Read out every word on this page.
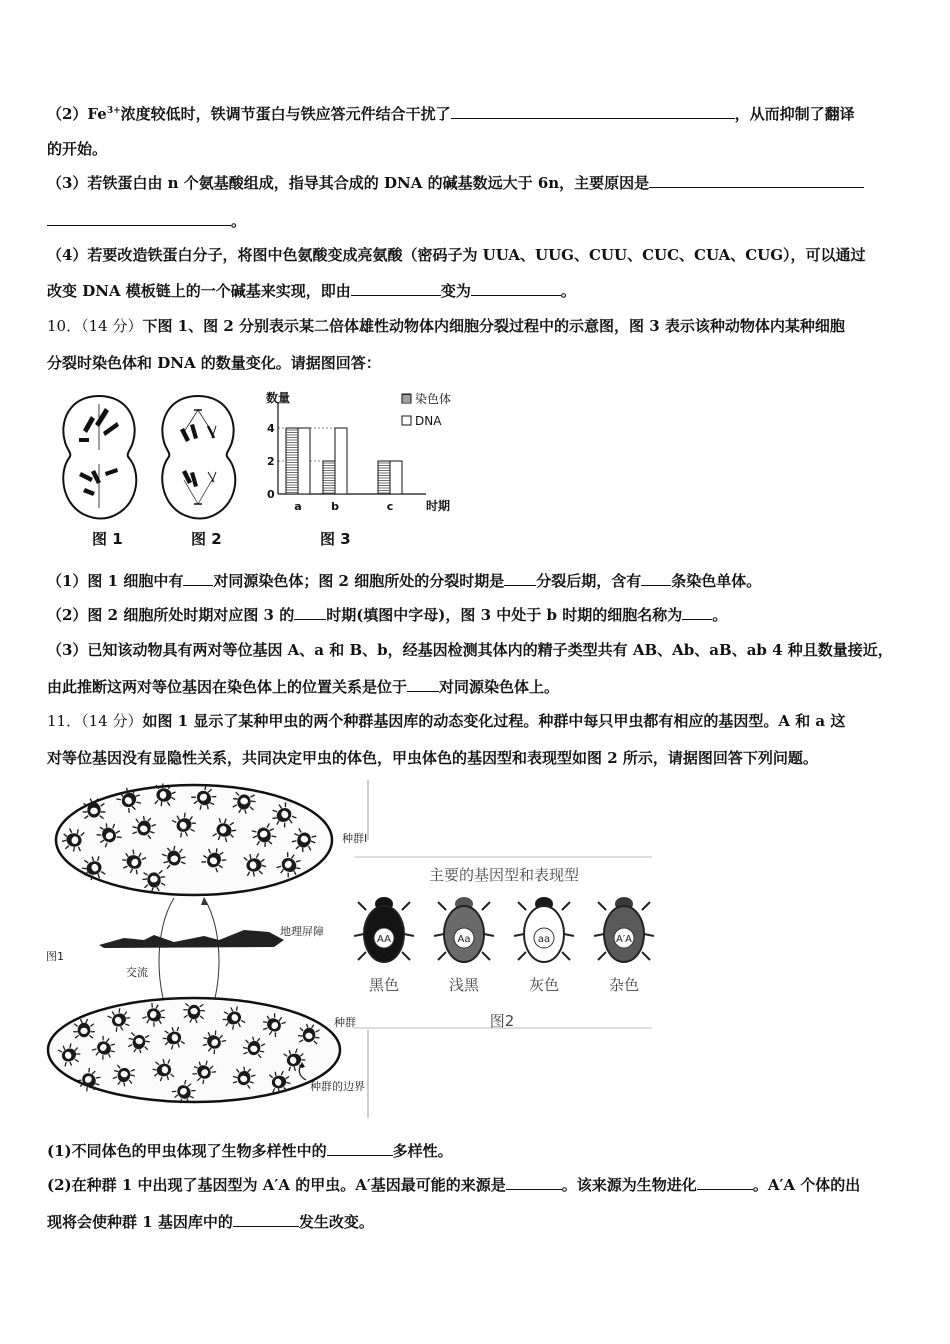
$(2)Fe^{3+}$浓度较低时，铁调节蛋白与铁应答元件结合干扰了	，从而抑制了翻译
的开始。
（3）若铁蛋白由 n 个氨基酸组成，指导其合成的 DNA 的碱基数远大于 6n，主要原因是
。
（4）若要改造铁蛋白分子，将图中色氨酸变成亮氨酸（密码子为 UUA、UUG、CUU、CUC、CUA、CUG），可以通过
改变 DNA 模板链上的一个碱基来实现，即由	变为	。
10．（14 分）下图 1、图 2 分别表示某二倍体雄性动物体内细胞分裂过程中的示意图，图 3 表示该种动物体内某种细胞
分裂时染色体和 DNA 的数量变化。请据图回答：
染色体
DNA
数量
时期
0
2
4
a	b	c
图 1	图 2	图 3
（1）图 1 细胞中有 对同源染色体；图 2 细胞所处的分裂时期是 分裂后期，含有 条染色单体。
（2）图 2 细胞所处时期对应图 3 的 时期(填图中字母)，图 3 中处于 b 时期的细胞名称为 。
（3）已知该动物具有两对等位基因 A、a 和 B、b，经基因检测其体内的精子类型共有 AB、Ab、aB、ab 4 种且数量接近，
由此推断这两对等位基因在染色体上的位置关系是位于 对同源染色体上。
11．（14 分）如图 1 显示了某种甲虫的两个种群基因库的动态变化过程。种群中每只甲虫都有相应的基因型。A 和 a 这
对等位基因没有显隐性关系，共同决定甲虫的体色，甲虫体色的基因型和表现型如图 2 所示，请据图回答下列问题。
种群Ⅰ
地理屏障
图1
交流
种群
种群的边界
主要的基因型和表现型
AA
黑色
Aa
浅黑
aa
灰色
A′A
杂色
图2
(1)不同体色的甲虫体现了生物多样性中的	多样性。
(2)在种群 1 中出现了基因型为 A′A 的甲虫。A′基因最可能的来源是	。该来源为生物进化	。A′A 个体的出
现将会使种群 1 基因库中的	发生改变。
